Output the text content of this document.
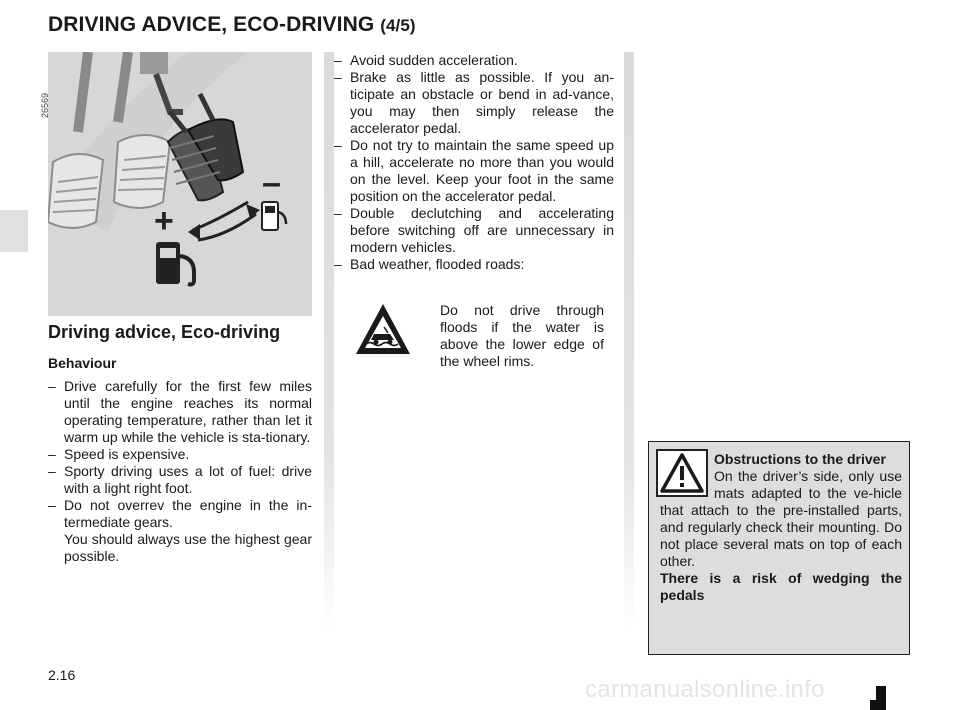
DRIVING ADVICE, ECO-DRIVING (4/5)
+
–
26569
Driving advice, Eco-driving
Behaviour
– Drive carefully for the first few miles until the engine reaches its normal operating temperature, rather than let it warm up while the vehicle is sta-tionary.
– Speed is expensive.
– Sporty driving uses a lot of fuel: drive with a light right foot.
– Do not overrev the engine in the in-termediate gears.
You should always use the highest gear possible.
– Avoid sudden acceleration.
– Brake as little as possible. If you an-ticipate an obstacle or bend in ad-vance, you may then simply release the accelerator pedal.
– Do not try to maintain the same speed up a hill, accelerate no more than you would on the level. Keep your foot in the same position on the accelerator pedal.
– Double declutching and accelerating before switching off are unnecessary in modern vehicles.
– Bad weather, flooded roads:
Do not drive through floods if the water is above the lower edge of the wheel rims.
Obstructions to the driver
On the driver’s side, only use mats adapted to the ve-hicle that attach to the pre-installed parts, and regularly check their mounting. Do not place several mats on top of each other.
There is a risk of wedging the pedals
2.16
carmanualsonline.info
